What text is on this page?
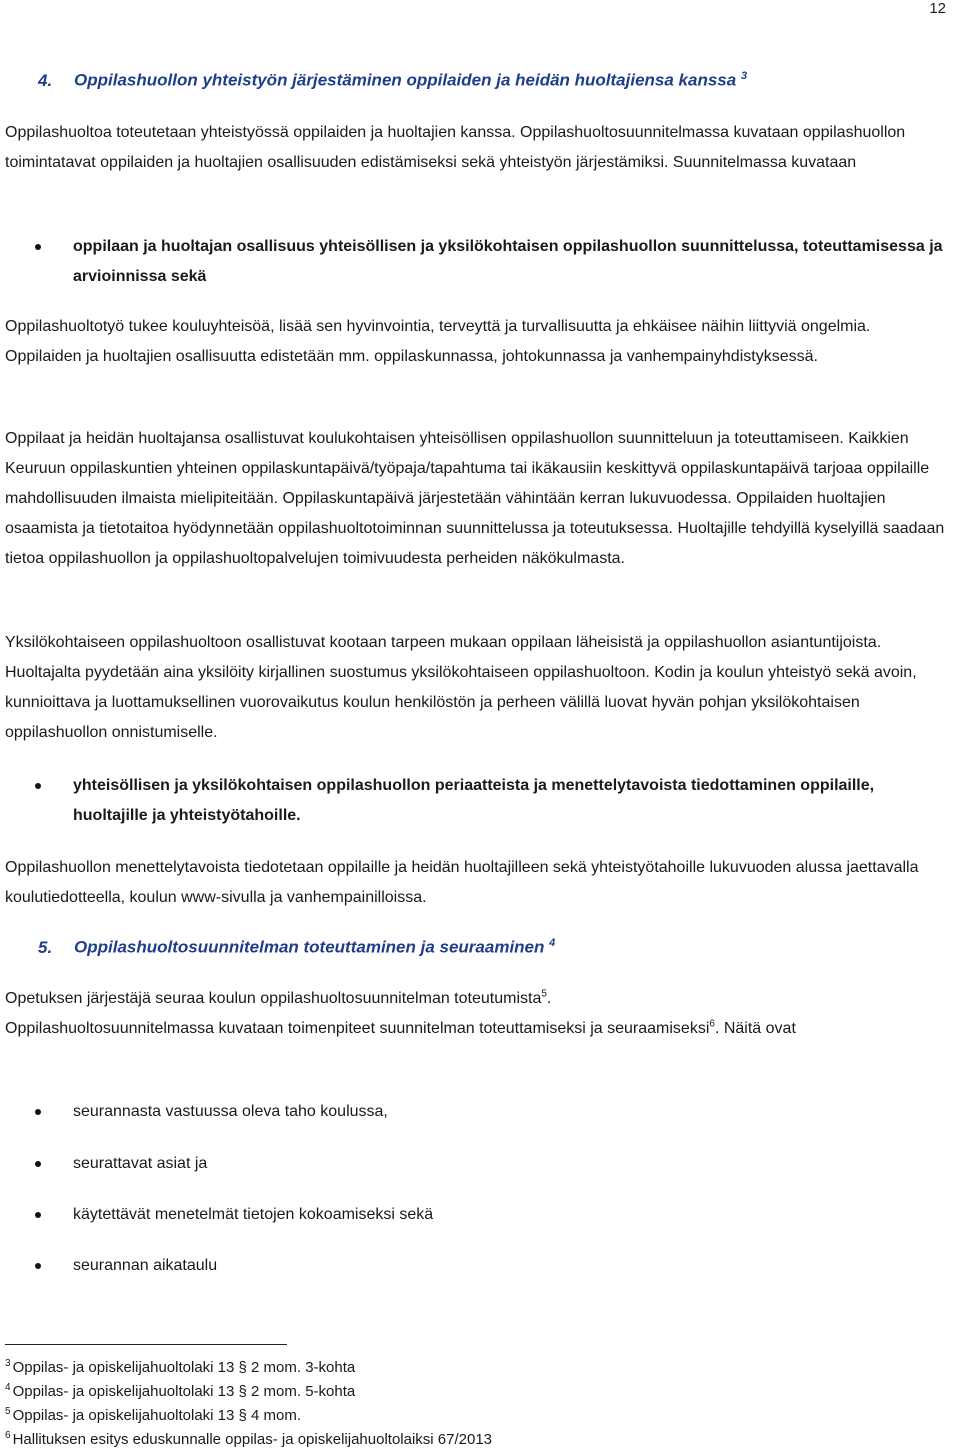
12
4. Oppilashuollon yhteistyön järjestäminen oppilaiden ja heidän huoltajiensa kanssa $^3$

Oppilashuoltoa toteutetaan yhteistyössä oppilaiden ja huoltajien kanssa. Oppilashuoltosuunnitelmassa kuvataan oppilashuollon toimintatavat oppilaiden ja huoltajien osallisuuden edistämiseksi sekä yhteistyön järjestämiksi. Suunnitelmassa kuvataan

oppilaan ja huoltajan osallisuus yhteisöllisen ja yksilökohtaisen oppilashuollon suunnittelussa, toteuttamisessa ja arvioinnissa sekä

Oppilashuoltotyö tukee kouluyhteisöä, lisää sen hyvinvointia, terveyttä ja turvallisuutta ja ehkäisee näihin liittyviä ongelmia. Oppilaiden ja huoltajien osallisuutta edistetään mm. oppilaskunnassa, johtokunnassa ja vanhempainyhdistyksessä.

Oppilaat ja heidän huoltajansa osallistuvat koulukohtaisen yhteisöllisen oppilashuollon suunnitteluun ja toteuttamiseen. Kaikkien Keuruun oppilaskuntien yhteinen oppilaskuntapäivä/työpaja/tapahtuma tai ikäkausiin keskittyvä oppilaskuntapäivä tarjoaa oppilaille mahdollisuuden ilmaista mielipiteitään. Oppilaskuntapäivä järjestetään vähintään kerran lukuvuodessa. Oppilaiden huoltajien osaamista ja tietotaitoa hyödynnetään oppilashuoltotoiminnan suunnittelussa ja toteutuksessa. Huoltajille tehdyillä kyselyillä saadaan tietoa oppilashuollon ja oppilashuoltopalvelujen toimivuudesta perheiden näkökulmasta.

Yksilökohtaiseen oppilashuoltoon osallistuvat kootaan tarpeen mukaan oppilaan läheisistä ja oppilashuollon asiantuntijoista. Huoltajalta pyydetään aina yksilöity kirjallinen suostumus yksilökohtaiseen oppilashuoltoon. Kodin ja koulun yhteistyö sekä avoin, kunnioittava ja luottamuksellinen vuorovaikutus koulun henkilöstön ja perheen välillä luovat hyvän pohjan yksilökohtaisen oppilashuollon onnistumiselle.

yhteisöllisen ja yksilökohtaisen oppilashuollon periaatteista ja menettelytavoista tiedottaminen oppilaille, huoltajille ja yhteistyötahoille.

Oppilashuollon menettelytavoista tiedotetaan oppilaille ja heidän huoltajilleen sekä yhteistyötahoille lukuvuoden alussa jaettavalla koulutiedotteella, koulun www-sivulla ja vanhempainilloissa.

5. Oppilashuoltosuunnitelman toteuttaminen ja seuraaminen $^4$

Opetuksen järjestäjä seuraa koulun oppilashuoltosuunnitelman toteutumista$^5$.
Oppilashuoltosuunnitelmassa kuvataan toimenpiteet suunnitelman toteuttamiseksi ja seuraamiseksi$^6$. Näitä ovat

seurannasta vastuussa oleva taho koulussa,
seurattavat asiat ja
käytettävät menetelmät tietojen kokoamiseksi sekä
seurannan aikataulu
$^3$ Oppilas- ja opiskelijahuoltolaki 13 § 2 mom. 3-kohta
$^4$ Oppilas- ja opiskelijahuoltolaki 13 § 2 mom. 5-kohta
$^5$ Oppilas- ja opiskelijahuoltolaki 13 § 4 mom.
$^6$ Hallituksen esitys eduskunnalle oppilas- ja opiskelijahuoltolaiksi 67/2013
